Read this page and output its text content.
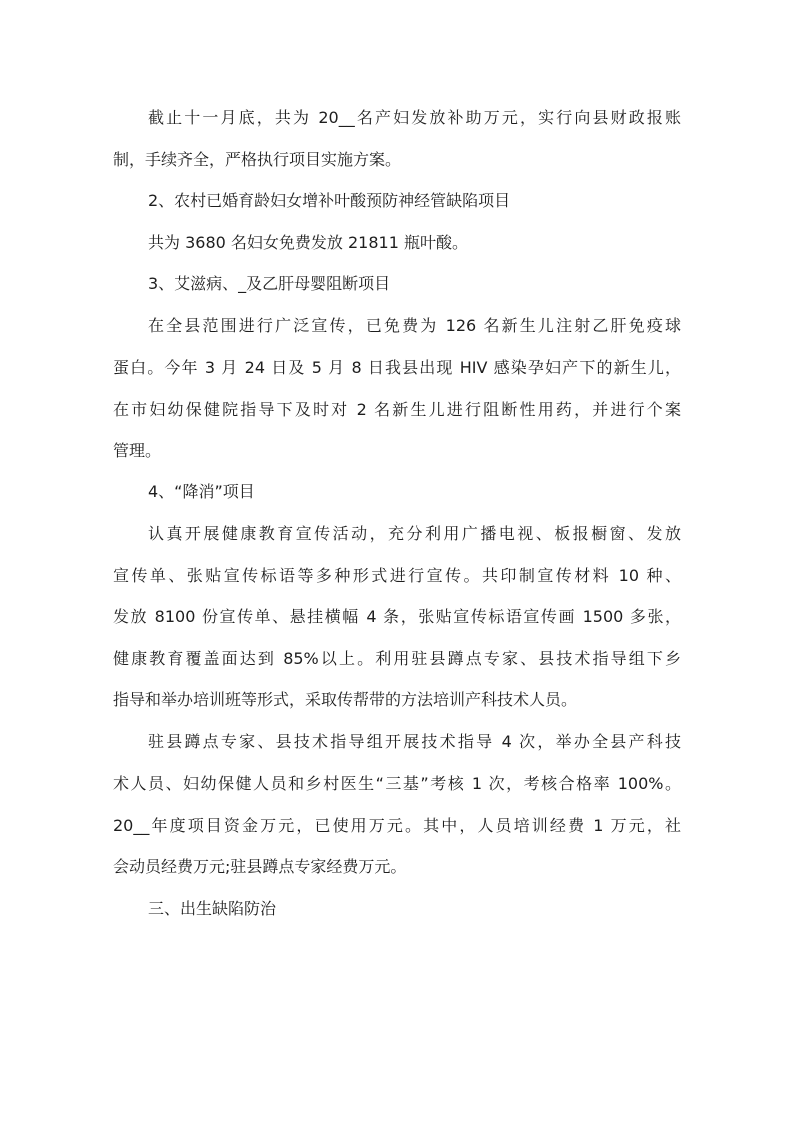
截止十一月底，共为 20__名产妇发放补助万元，实行向县财政报账
制，手续齐全，严格执行项目实施方案。
2、农村已婚育龄妇女增补叶酸预防神经管缺陷项目
共为 3680 名妇女免费发放 21811 瓶叶酸。
3、艾滋病、_及乙肝母婴阻断项目
在全县范围进行广泛宣传，已免费为 126 名新生儿注射乙肝免疫球
蛋白。今年 3 月 24 日及 5 月 8 日我县出现 HIV 感染孕妇产下的新生儿，
在市妇幼保健院指导下及时对 2 名新生儿进行阻断性用药，并进行个案
管理。
4、“降消”项目
认真开展健康教育宣传活动，充分利用广播电视、板报橱窗、发放
宣传单、张贴宣传标语等多种形式进行宣传。共印制宣传材料 10 种、
发放 8100 份宣传单、悬挂横幅 4 条，张贴宣传标语宣传画 1500 多张，
健康教育覆盖面达到 85%以上。利用驻县蹲点专家、县技术指导组下乡
指导和举办培训班等形式，采取传帮带的方法培训产科技术人员。
驻县蹲点专家、县技术指导组开展技术指导 4 次，举办全县产科技
术人员、妇幼保健人员和乡村医生“三基”考核 1 次，考核合格率 100%。
20__年度项目资金万元，已使用万元。其中，人员培训经费 1 万元，社
会动员经费万元;驻县蹲点专家经费万元。
三、出生缺陷防治
